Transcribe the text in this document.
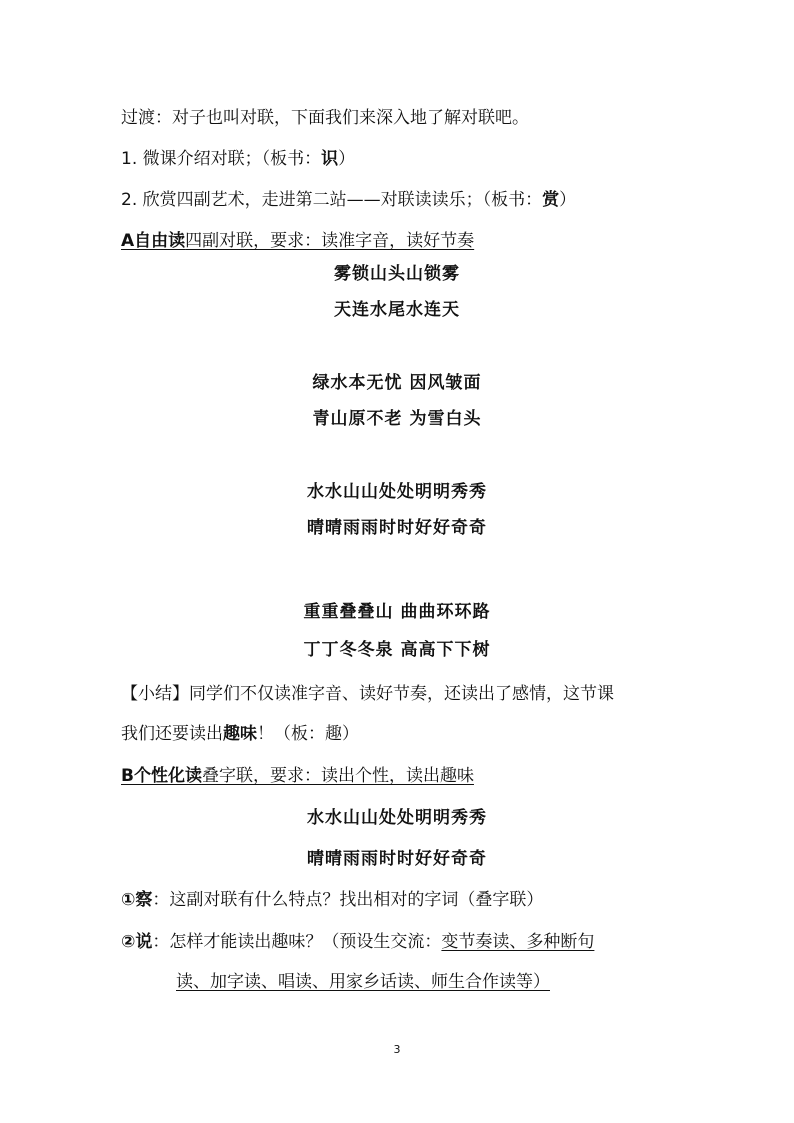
过渡：对子也叫对联，下面我们来深入地了解对联吧。
1. 微课介绍对联；（板书：识）
2. 欣赏四副艺术，走进第二站——对联读读乐；（板书：赏）
A自由读四副对联，要求：读准字音，读好节奏
雾锁山头山锁雾
天连水尾水连天
绿水本无忧 因风皱面
青山原不老 为雪白头
水水山山处处明明秀秀
晴晴雨雨时时好好奇奇
重重叠叠山 曲曲环环路
丁丁冬冬泉 高高下下树
【小结】同学们不仅读准字音、读好节奏，还读出了感情，这节课
我们还要读出趣味！（板：趣）
B个性化读叠字联，要求：读出个性，读出趣味
水水山山处处明明秀秀
晴晴雨雨时时好好奇奇
①察：这副对联有什么特点？找出相对的字词（叠字联）
②说：怎样才能读出趣味？（预设生交流：变节奏读、多种断句
读、加字读、唱读、用家乡话读、师生合作读等）
3
